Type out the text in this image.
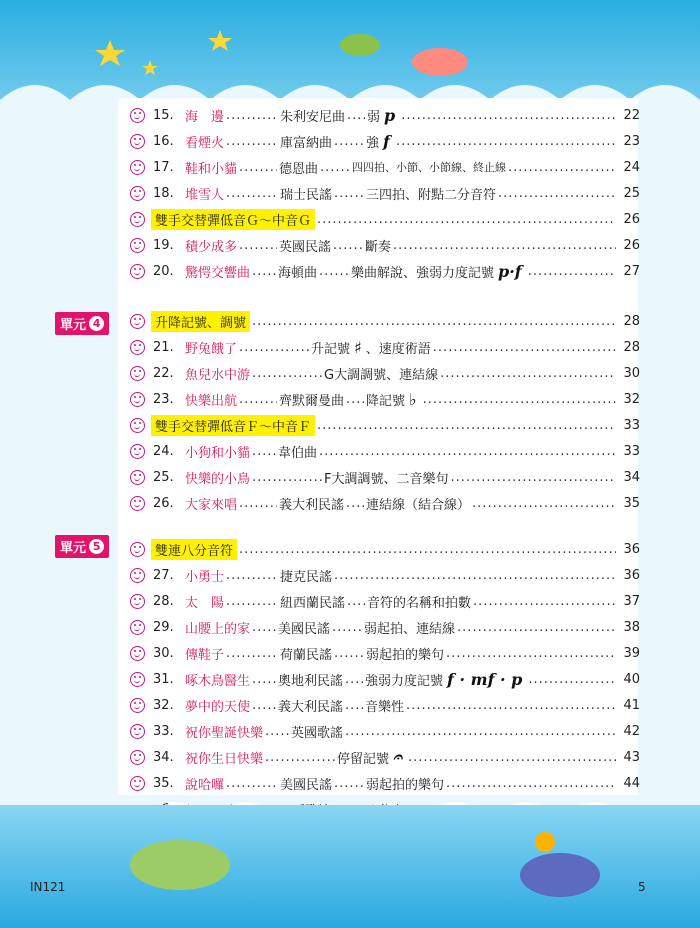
單元 4
單元 5
15. 海　邊 .....	朱利安尼曲 ..... 弱 p .....	22
16. 看煙火 .....	庫富納曲 .....	強 f .....	23
17. 鞋和小貓 .....	德恩曲 .....	四四拍、小節、小節線、終止線 .....	24
18. 堆雪人 .....	瑞士民謠 .....	三四拍、附點二分音符 .....	25
雙手交替彈低音Ｇ～中音Ｇ .....	26
19. 積少成多 .....	英國民謠 .....	斷奏 .....	26
20. 驚愕交響曲 ..... 海頓曲 .....	樂曲解說、強弱力度記號 p·f .....	27
升降記號、調號 .....	28
21. 野兔餓了 .....	升記號 ♯ 、速度術語 .....	28
22. 魚兒水中游 .....	G大調調號、連結線 .....	30
23. 快樂出航 .....	齊默爾曼曲 ..... 降記號 ♭ .....	32
雙手交替彈低音Ｆ～中音Ｆ .....	33
24. 小狗和小貓 ..... 韋伯曲 .....	33
25. 快樂的小鳥 .....	F大調調號、二音樂句 .....	34
26. 大家來唱 .....	義大利民謠 ..... 連結線（結合線） .....	35
雙連八分音符 .....	36
27. 小勇士 .....	捷克民謠 .....	36
28. 太　陽 .....	紐西蘭民謠 ..... 音符的名稱和拍數 .....	37
29. 山腰上的家 ..... 美國民謠 .....	弱起拍、連結線 .....	38
30. 傳鞋子 .....	荷蘭民謠 .....	弱起拍的樂句 .....	39
31. 啄木鳥醫生 ..... 奧地利民謠 ..... 強弱力度記號 f · mf · p .....	40
32. 夢中的天使 ..... 義大利民謠 ..... 音樂性 .....	41
33. 祝你聖誕快樂 ..... 英國歌謠 .....	42
34. 祝你生日快樂 .....	停留記號 𝄐 .....	43
35. 說哈囉 .....	美國民謠 .....	弱起拍的樂句 .....	44
.....
.....
.....
IN121	5
